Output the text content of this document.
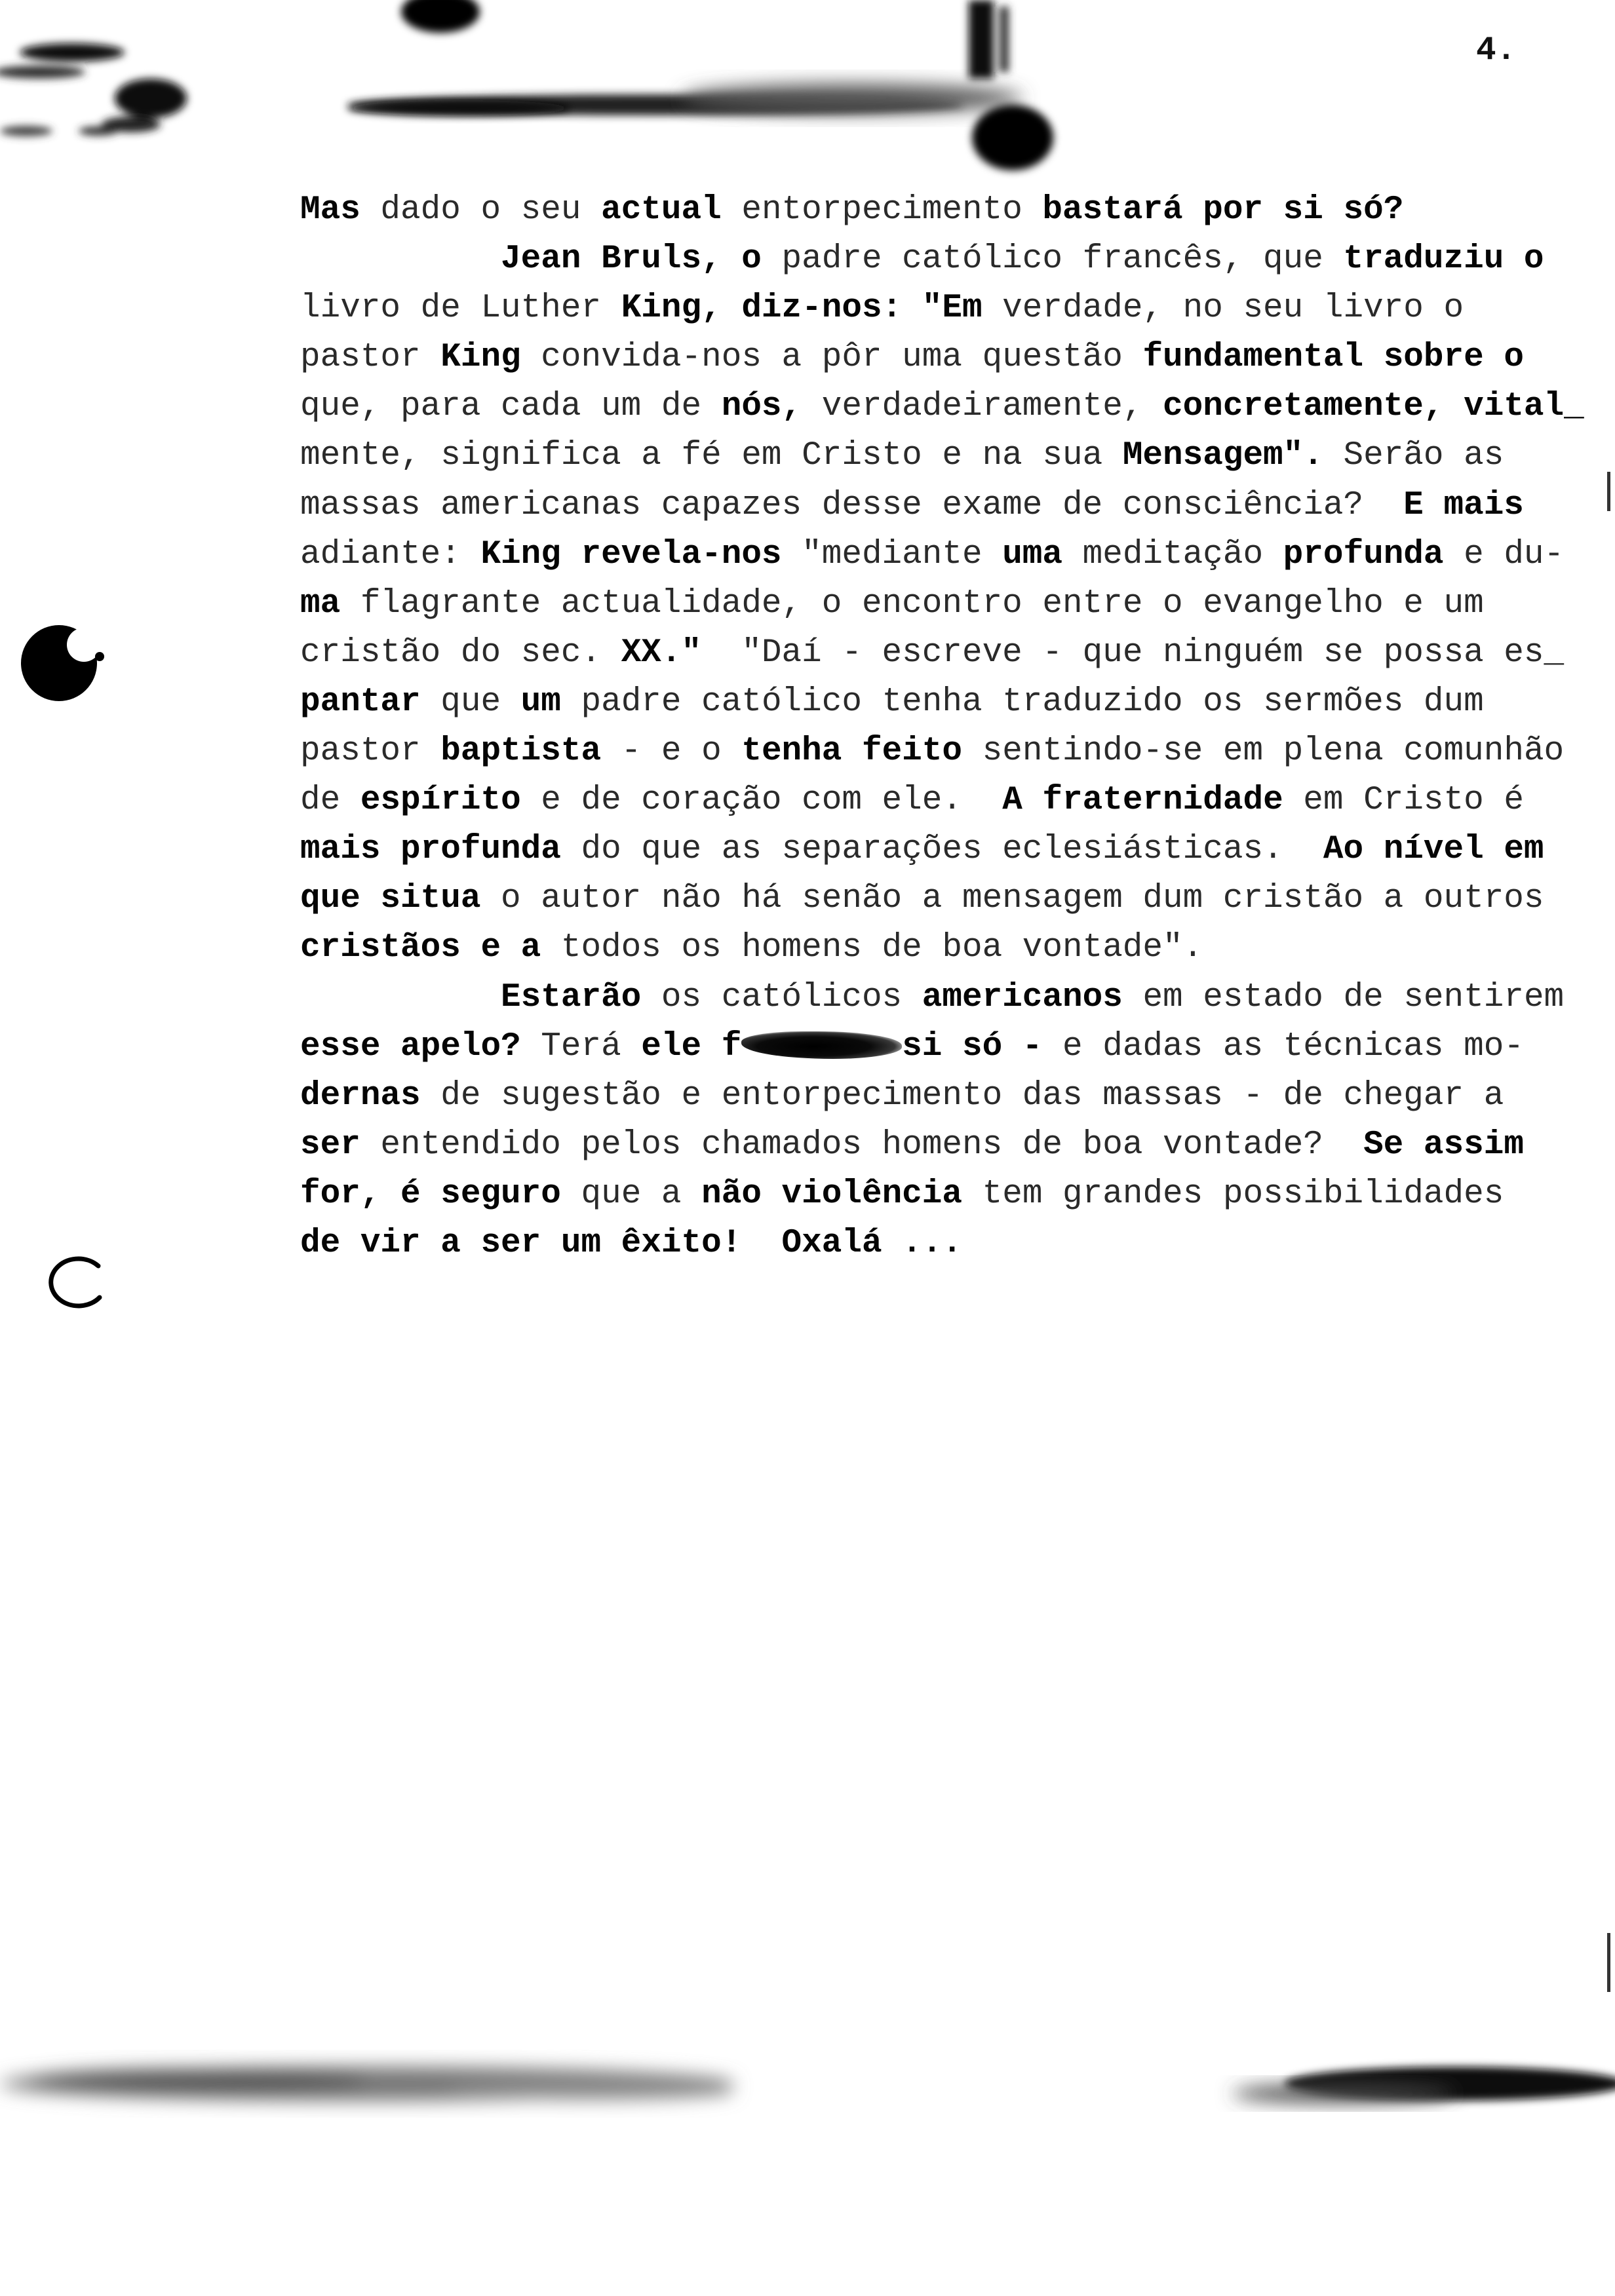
4.
Mas dado o seu actual entorpecimento bastará por si só?
Jean Bruls, o padre católico francês, que traduziu o
livro de Luther King, diz-nos: "Em verdade, no seu livro o
pastor King convida-nos a pôr uma questão fundamental sobre o
que, para cada um de nós, verdadeiramente, concretamente, vital_
mente, significa a fé em Cristo e na sua Mensagem". Serão as
massas americanas capazes desse exame de consciência?  E mais
adiante: King revela-nos "mediante uma meditação profunda e du-
ma flagrante actualidade, o encontro entre o evangelho e um
cristão do sec. XX."  "Daí - escreve - que ninguém se possa es_
pantar que um padre católico tenha traduzido os sermões dum
pastor baptista - e o tenha feito sentindo-se em plena comunhão
de espírito e de coração com ele.  A fraternidade em Cristo é
mais profunda do que as separações eclesiásticas.  Ao nível em
que situa o autor não há senão a mensagem dum cristão a outros
cristãos e a todos os homens de boa vontade".
Estarão os católicos americanos em estado de sentirem
esse apelo? Terá ele f	si só - e dadas as técnicas mo-
dernas de sugestão e entorpecimento das massas - de chegar a
ser entendido pelos chamados homens de boa vontade?  Se assim
for, é seguro que a não violência tem grandes possibilidades
de vir a ser um êxito!  Oxalá ...
